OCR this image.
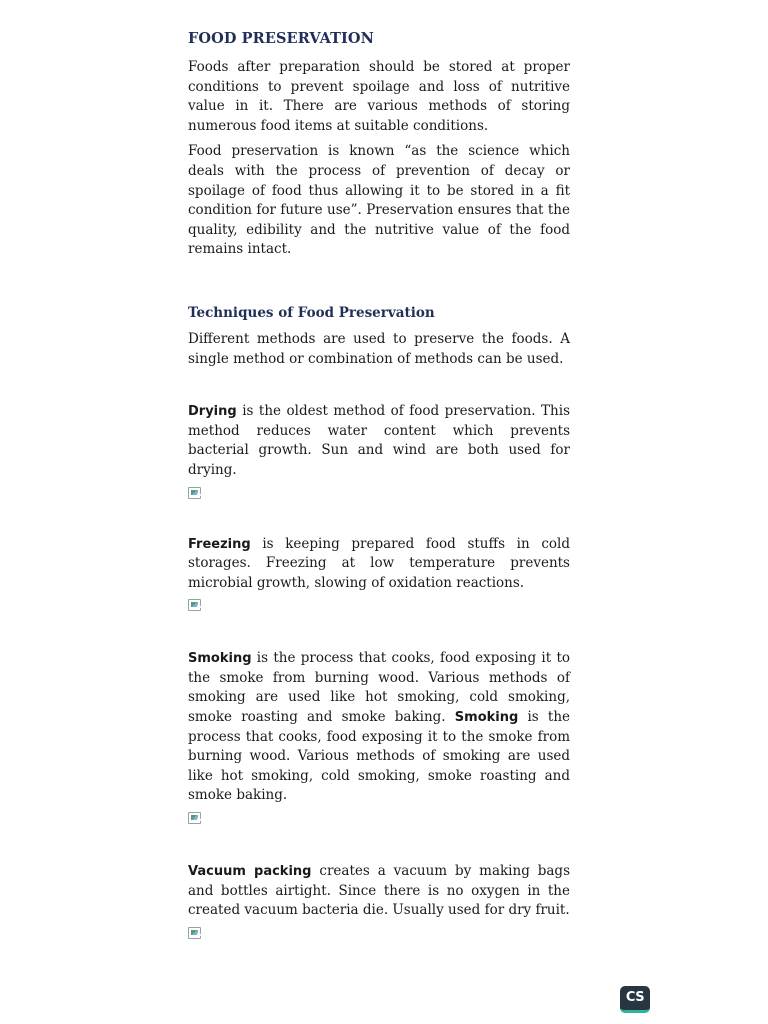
FOOD PRESERVATION

Foods after preparation should be stored at proper conditions to prevent spoilage and loss of nutritive value in it. There are various methods of storing numerous food items at suitable conditions.

Food preservation is known “as the science which deals with the process of prevention of decay or spoilage of food thus allowing it to be stored in a fit condition for future use”. Preservation ensures that the quality, edibility and the nutritive value of the food remains intact.

Techniques of Food Preservation

Different methods are used to preserve the foods. A single method or combination of methods can be used.

Drying is the oldest method of food preservation. This method reduces water content which prevents bacterial growth. Sun and wind are both used for drying.

Freezing is keeping prepared food stuffs in cold storages. Freezing at low temperature prevents microbial growth, slowing of oxidation reactions.

Smoking is the process that cooks, food exposing it to the smoke from burning wood. Various methods of smoking are used like hot smoking, cold smoking, smoke roasting and smoke baking. Smoking is the process that cooks, food exposing it to the smoke from burning wood. Various methods of smoking are used like hot smoking, cold smoking, smoke roasting and smoke baking.

Vacuum packing creates a vacuum by making bags and bottles airtight. Since there is no oxygen in the created vacuum bacteria die. Usually used for dry fruit.

CS
